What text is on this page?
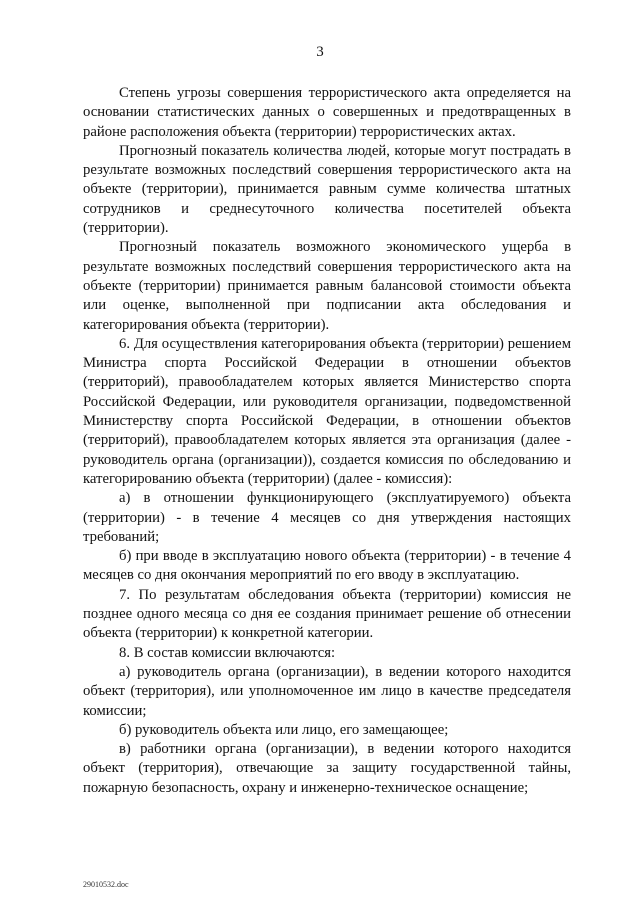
3

Степень угрозы совершения террористического акта определяется на основании статистических данных о совершенных и предотвращенных в районе расположения объекта (территории) террористических актах.

Прогнозный показатель количества людей, которые могут пострадать в результате возможных последствий совершения террористического акта на объекте (территории), принимается равным сумме количества штатных сотрудников и среднесуточного количества посетителей объекта (территории).

Прогнозный показатель возможного экономического ущерба в результате возможных последствий совершения террористического акта на объекте (территории) принимается равным балансовой стоимости объекта или оценке, выполненной при подписании акта обследования и категорирования объекта (территории).

6. Для осуществления категорирования объекта (территории) решением Министра спорта Российской Федерации в отношении объектов (территорий), правообладателем которых является Министерство спорта Российской Федерации, или руководителя организации, подведомственной Министерству спорта Российской Федерации, в отношении объектов (территорий), правообладателем которых является эта организация (далее - руководитель органа (организации)), создается комиссия по обследованию и категорированию объекта (территории) (далее - комиссия):

а) в отношении функционирующего (эксплуатируемого) объекта (территории) - в течение 4 месяцев со дня утверждения настоящих требований;

б) при вводе в эксплуатацию нового объекта (территории) - в течение 4 месяцев со дня окончания мероприятий по его вводу в эксплуатацию.

7. По результатам обследования объекта (территории) комиссия не позднее одного месяца со дня ее создания принимает решение об отнесении объекта (территории) к конкретной категории.

8. В состав комиссии включаются:

а) руководитель органа (организации), в ведении которого находится объект (территория), или уполномоченное им лицо в качестве председателя комиссии;

б) руководитель объекта или лицо, его замещающее;

в) работники органа (организации), в ведении которого находится объект (территория), отвечающие за защиту государственной тайны, пожарную безопасность, охрану и инженерно-техническое оснащение;

29010532.doc
